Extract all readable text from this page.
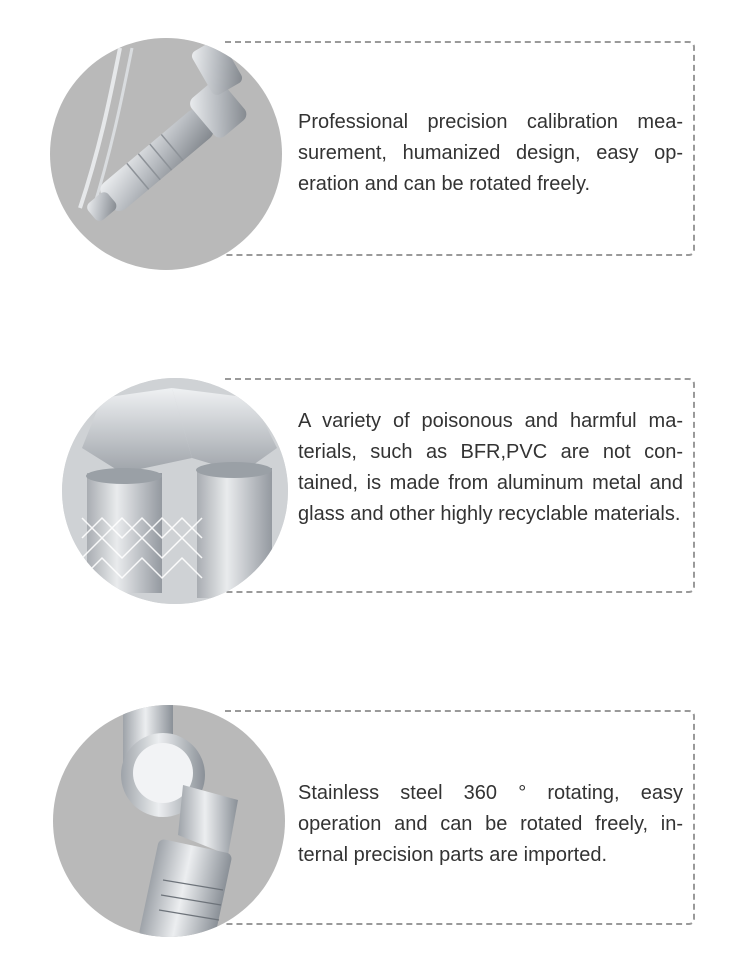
Professional precision calibration mea-surement, humanized design, easy op-eration and can be rotated freely.
A variety of poisonous and harmful ma-terials, such as BFR,PVC are not con-tained, is made from aluminum metal and glass and other highly recyclable materials.
Stainless steel 360 ° rotating, easy operation and can be rotated freely, in-ternal precision parts are imported.
